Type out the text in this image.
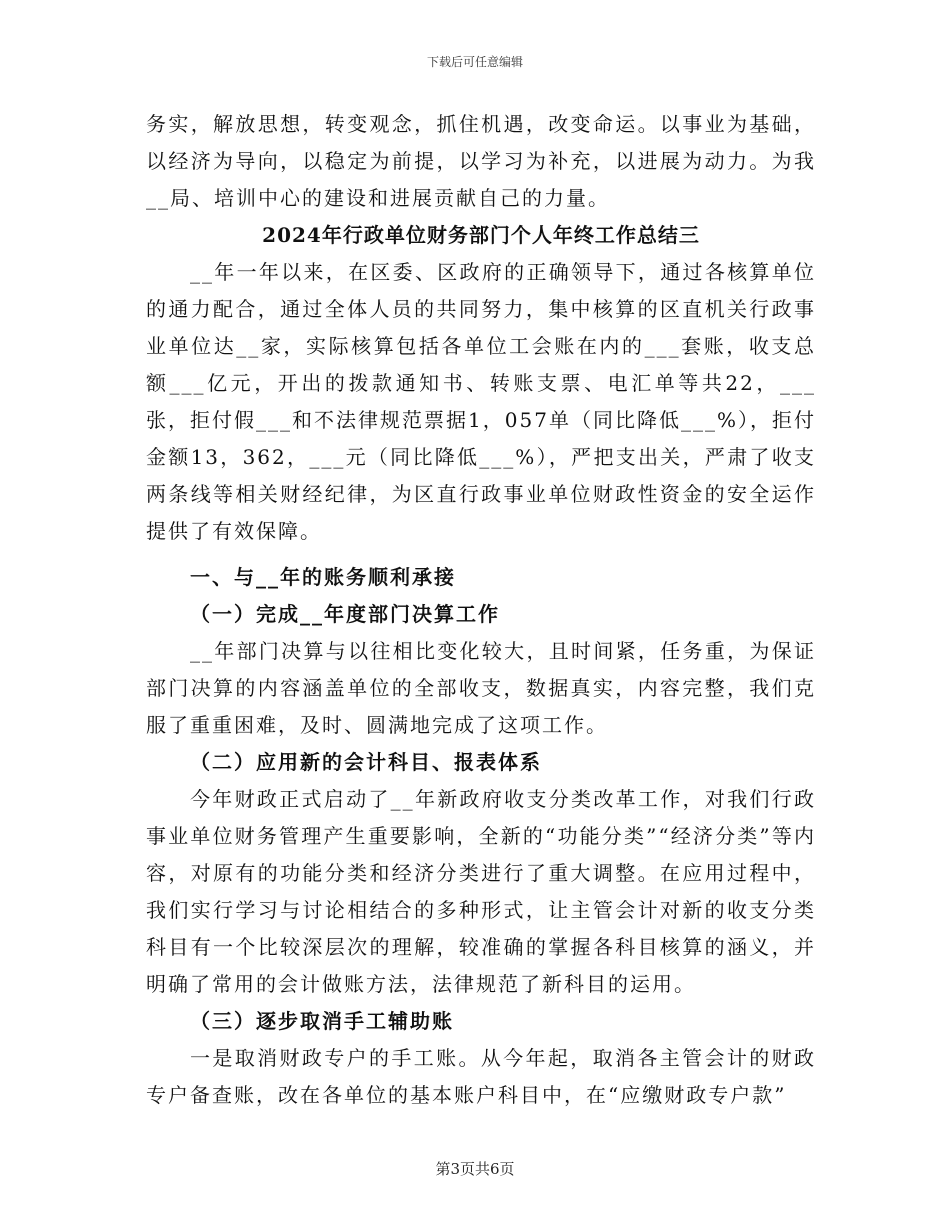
下载后可任意编辑

务实，解放思想，转变观念，抓住机遇，改变命运。以事业为基础，以经济为导向，以稳定为前提，以学习为补充，以进展为动力。为我__局、培训中心的建设和进展贡献自己的力量。

2024年行政单位财务部门个人年终工作总结三

__年一年以来，在区委、区政府的正确领导下，通过各核算单位的通力配合，通过全体人员的共同努力，集中核算的区直机关行政事业单位达__家，实际核算包括各单位工会账在内的___套账，收支总额___亿元，开出的拨款通知书、转账支票、电汇单等共22，___张，拒付假___和不法律规范票据1，057单（同比降低___%），拒付金额13，362，___元（同比降低___%），严把支出关，严肃了收支两条线等相关财经纪律，为区直行政事业单位财政性资金的安全运作提供了有效保障。

一、与__年的账务顺利承接

（一）完成__年度部门决算工作

__年部门决算与以往相比变化较大，且时间紧，任务重，为保证部门决算的内容涵盖单位的全部收支，数据真实，内容完整，我们克服了重重困难，及时、圆满地完成了这项工作。

（二）应用新的会计科目、报表体系

今年财政正式启动了__年新政府收支分类改革工作，对我们行政事业单位财务管理产生重要影响，全新的“功能分类”“经济分类”等内容，对原有的功能分类和经济分类进行了重大调整。在应用过程中，我们实行学习与讨论相结合的多种形式，让主管会计对新的收支分类科目有一个比较深层次的理解，较准确的掌握各科目核算的涵义，并明确了常用的会计做账方法，法律规范了新科目的运用。

（三）逐步取消手工辅助账

一是取消财政专户的手工账。从今年起，取消各主管会计的财政专户备查账，改在各单位的基本账户科目中，在“应缴财政专户款”

第3页共6页
